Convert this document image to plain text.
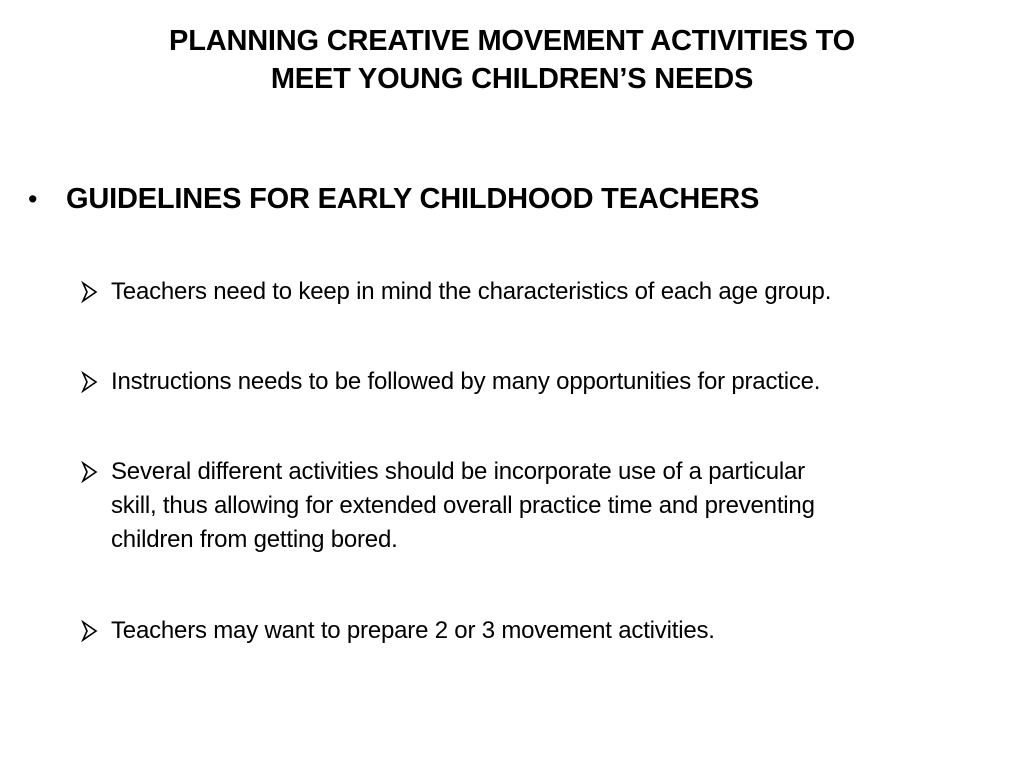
PLANNING CREATIVE MOVEMENT ACTIVITIES TO
MEET YOUNG CHILDREN’S NEEDS
• GUIDELINES FOR EARLY CHILDHOOD TEACHERS
Teachers need to keep in mind the characteristics of each age group.
Instructions needs to be followed by many opportunities for practice.
Several different activities should be incorporate use of a particular
skill, thus allowing for extended overall practice time and preventing
children from getting bored.
Teachers may want to prepare 2 or 3 movement activities.
